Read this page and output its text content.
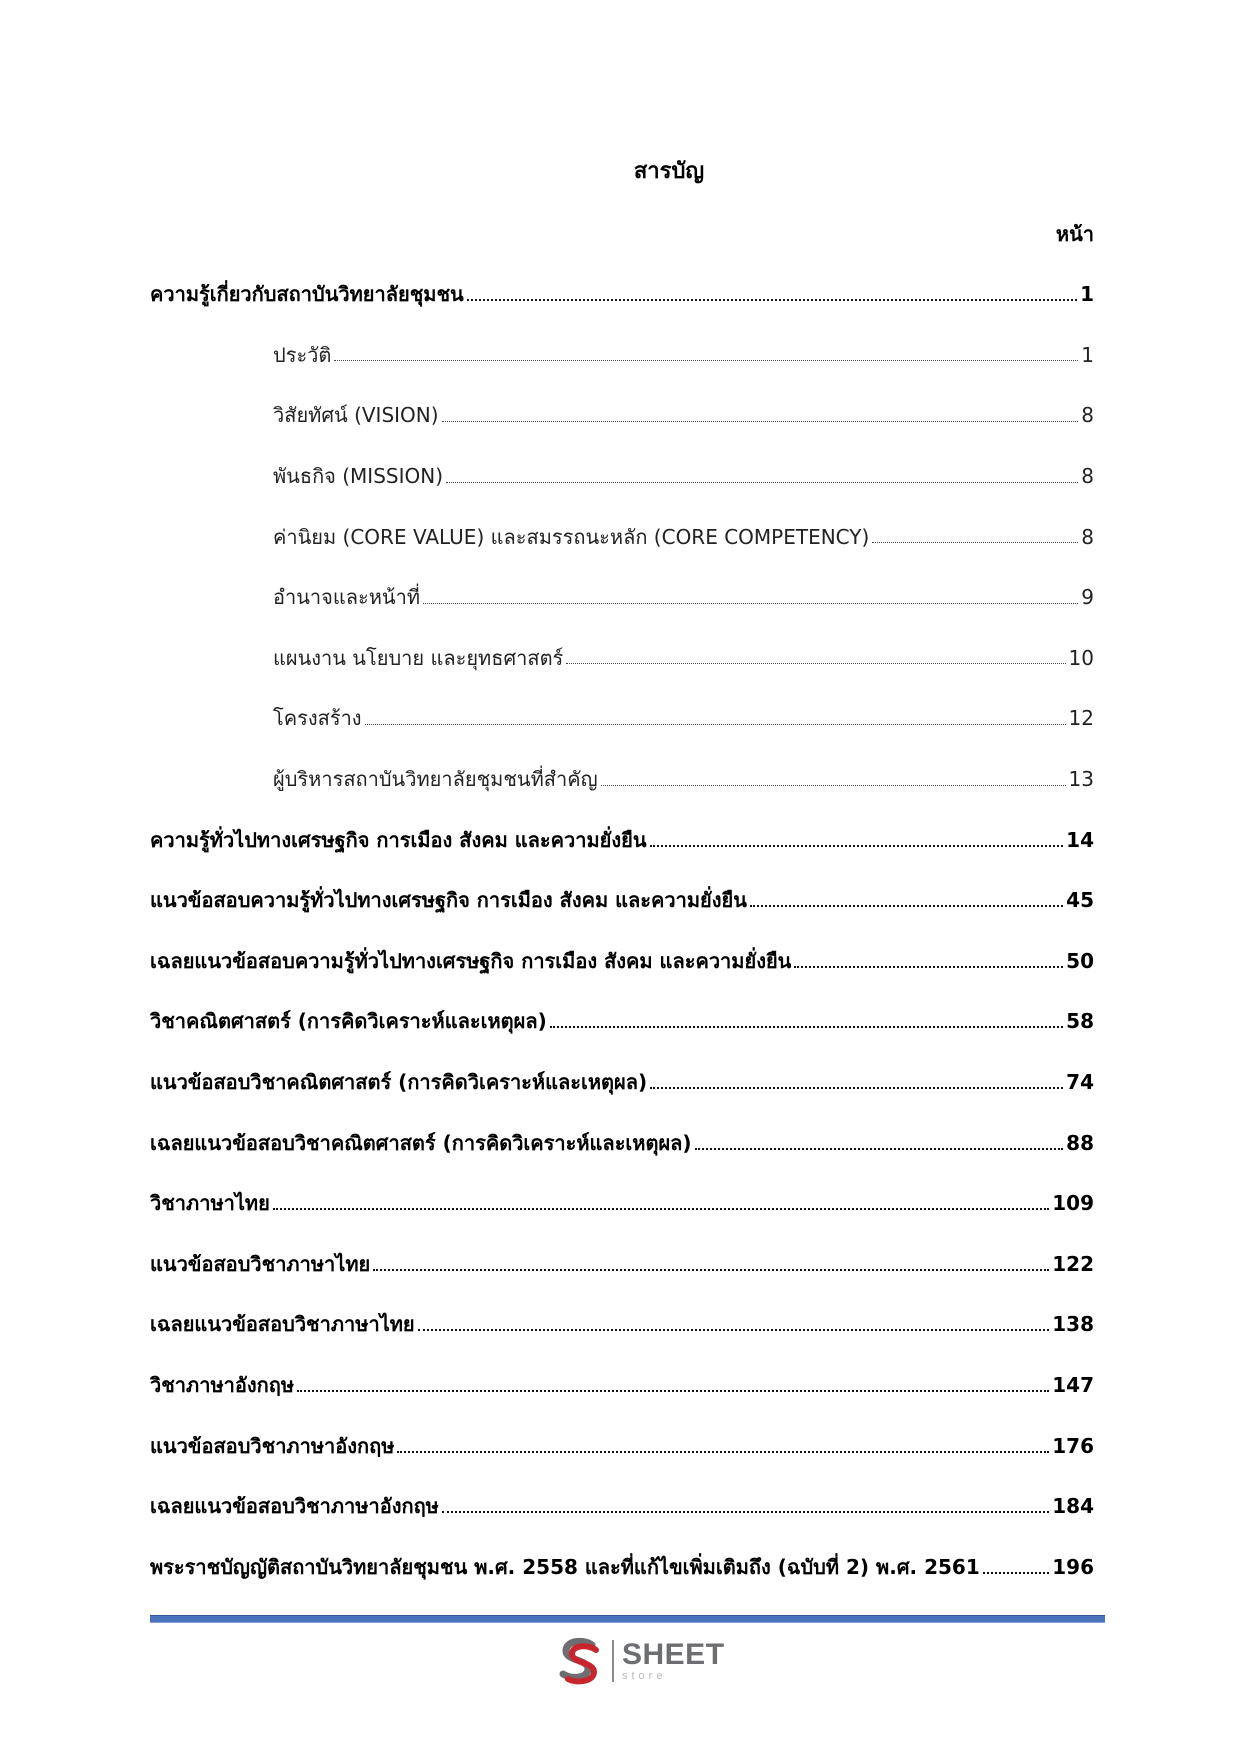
สารบัญ
หน้า
ความรู้เกี่ยวกับสถาบันวิทยาลัยชุมชน	1
ประวัติ	1
วิสัยทัศน์ (VISION)	8
พันธกิจ (MISSION)	8
ค่านิยม (CORE VALUE) และสมรรถนะหลัก (CORE COMPETENCY)	8
อำนาจและหน้าที่	9
แผนงาน นโยบาย และยุทธศาสตร์	10
โครงสร้าง	12
ผู้บริหารสถาบันวิทยาลัยชุมชนที่สำคัญ	13
ความรู้ทั่วไปทางเศรษฐกิจ การเมือง สังคม และความยั่งยืน	14
แนวข้อสอบความรู้ทั่วไปทางเศรษฐกิจ การเมือง สังคม และความยั่งยืน	45
เฉลยแนวข้อสอบความรู้ทั่วไปทางเศรษฐกิจ การเมือง สังคม และความยั่งยืน	50
วิชาคณิตศาสตร์ (การคิดวิเคราะห์และเหตุผล)	58
แนวข้อสอบวิชาคณิตศาสตร์ (การคิดวิเคราะห์และเหตุผล)	74
เฉลยแนวข้อสอบวิชาคณิตศาสตร์ (การคิดวิเคราะห์และเหตุผล)	88
วิชาภาษาไทย	109
แนวข้อสอบวิชาภาษาไทย	122
เฉลยแนวข้อสอบวิชาภาษาไทย	138
วิชาภาษาอังกฤษ	147
แนวข้อสอบวิชาภาษาอังกฤษ	176
เฉลยแนวข้อสอบวิชาภาษาอังกฤษ	184
พระราชบัญญัติสถาบันวิทยาลัยชุมชน พ.ศ. 2558 และที่แก้ไขเพิ่มเติมถึง (ฉบับที่ 2) พ.ศ. 2561	196
SHEET
store
